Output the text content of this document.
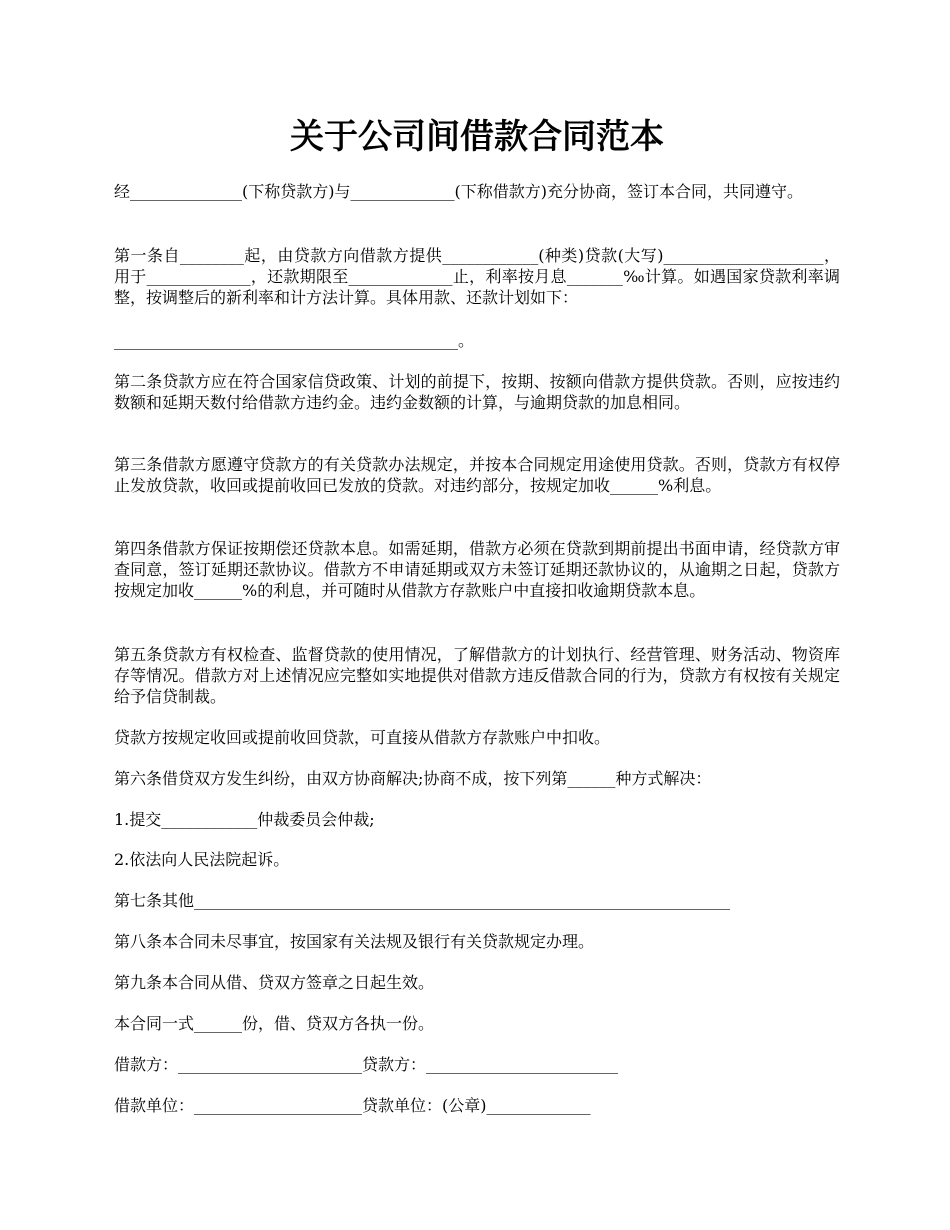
关于公司间借款合同范本

经______________(下称贷款方)与_____________(下称借款方)充分协商，签订本合同，共同遵守。

第一条自________起，由贷款方向借款方提供____________(种类)贷款(大写)____________________，用于_____________，还款期限至_____________止，利率按月息_______‰计算。如遇国家贷款利率调整，按调整后的新利率和计方法计算。具体用款、还款计划如下：

___________________________________________。

第二条贷款方应在符合国家信贷政策、计划的前提下，按期、按额向借款方提供贷款。否则，应按违约数额和延期天数付给借款方违约金。违约金数额的计算，与逾期贷款的加息相同。

第三条借款方愿遵守贷款方的有关贷款办法规定，并按本合同规定用途使用贷款。否则，贷款方有权停止发放贷款，收回或提前收回已发放的贷款。对违约部分，按规定加收______%利息。

第四条借款方保证按期偿还贷款本息。如需延期，借款方必须在贷款到期前提出书面申请，经贷款方审查同意，签订延期还款协议。借款方不申请延期或双方未签订延期还款协议的，从逾期之日起，贷款方按规定加收______%的利息，并可随时从借款方存款账户中直接扣收逾期贷款本息。

第五条贷款方有权检查、监督贷款的使用情况，了解借款方的计划执行、经营管理、财务活动、物资库存等情况。借款方对上述情况应完整如实地提供对借款方违反借款合同的行为，贷款方有权按有关规定给予信贷制裁。

贷款方按规定收回或提前收回贷款，可直接从借款方存款账户中扣收。

第六条借贷双方发生纠纷，由双方协商解决;协商不成，按下列第______种方式解决：

1.提交____________仲裁委员会仲裁;

2.依法向人民法院起诉。

第七条其他___________________________________________________________________

第八条本合同未尽事宜，按国家有关法规及银行有关贷款规定办理。

第九条本合同从借、贷双方签章之日起生效。

本合同一式______份，借、贷双方各执一份。

借款方：_______________________贷款方：________________________

借款单位：_____________________贷款单位：(公章)_____________
